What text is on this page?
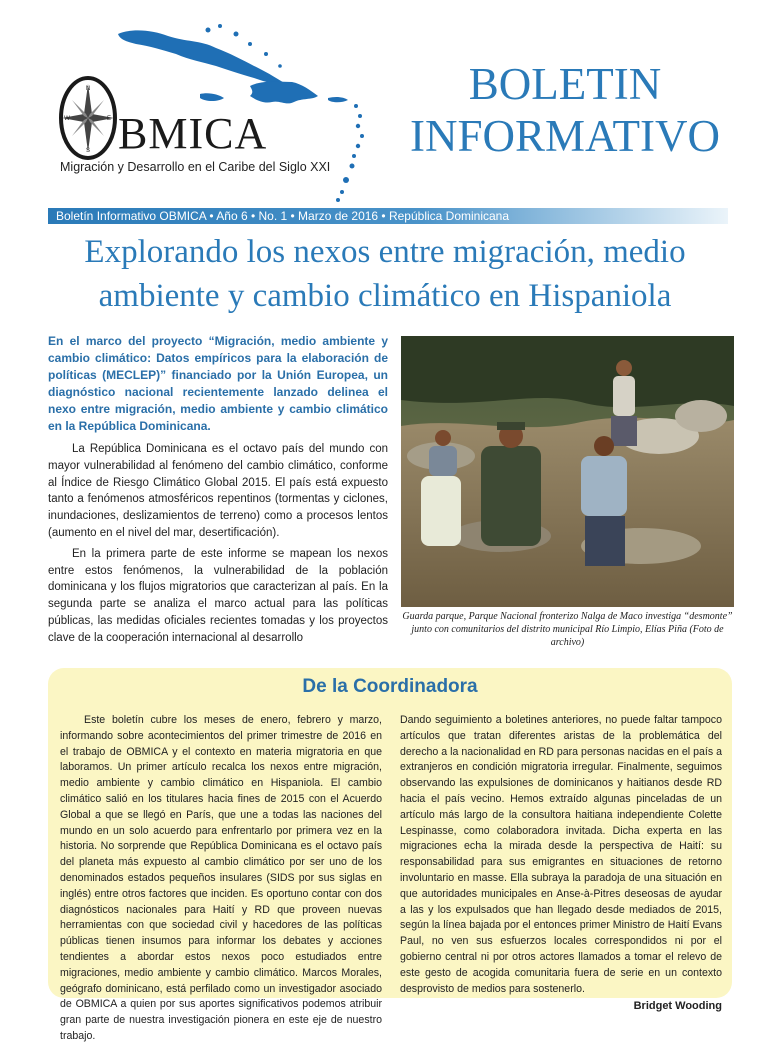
N
E
S
W BMICA
Migración y Desarrollo en el Caribe del Siglo XXI
BOLETIN
INFORMATIVO
Boletín Informativo OBMICA • Año 6 • No. 1 • Marzo de 2016 • República Dominicana
Explorando los nexos entre migración, medio ambiente y cambio climático en Hispaniola

En el marco del proyecto “Migración, medio ambiente y cambio climático: Datos empíricos para la elaboración de políticas (MECLEP)” financiado por la Unión Europea, un diagnóstico nacional recientemente lanzado delinea el nexo entre migración, medio ambiente y cambio climático en la República Dominicana.

La República Dominicana es el octavo país del mundo con mayor vulnerabilidad al fenómeno del cambio climático, conforme al Índice de Riesgo Climático Global 2015. El país está expuesto tanto a fenómenos atmosféricos repentinos (tormentas y ciclones, inundaciones, deslizamientos de terreno) como a procesos lentos (aumento en el nivel del mar, desertificación).

En la primera parte de este informe se mapean los nexos entre estos fenómenos, la vulnerabilidad de la población dominicana y los flujos migratorios que caracterizan al país. En la segunda parte se analiza el marco actual para las políticas públicas, las medidas oficiales recientes tomadas y los proyectos clave de la cooperación internacional al desarrollo

Guarda parque, Parque Nacional fronterizo Nalga de Maco investiga “desmonte” junto con comunitarios del distrito municipal Río Limpio, Elías Piña (Foto de archivo)
De la Coordinadora

Este boletín cubre los meses de enero, febrero y marzo, informando sobre acontecimientos del primer trimestre de 2016 en el trabajo de OBMICA y el contexto en materia migratoria en que laboramos. Un primer artículo recalca los nexos entre migración, medio ambiente y cambio climático en Hispaniola. El cambio climático salió en los titulares hacia fines de 2015 con el Acuerdo Global a que se llegó en París, que une a todas las naciones del mundo en un solo acuerdo para enfrentarlo por primera vez en la historia. No sorprende que República Dominicana es el octavo país del planeta más expuesto al cambio climático por ser uno de los denominados estados pequeños insulares (SIDS por sus siglas en inglés) entre otros factores que inciden. Es oportuno contar con dos diagnósticos nacionales para Haití y RD que proveen nuevas herramientas con que sociedad civil y hacedores de las políticas públicas tienen insumos para informar los debates y acciones tendientes a abordar estos nexos poco estudiados entre migraciones, medio ambiente y cambio climático. Marcos Morales, geógrafo dominicano, está perfilado como un investigador asociado de OBMICA a quien por sus aportes significativos podemos atribuir gran parte de nuestra investigación pionera en este eje de nuestro trabajo.

Dando seguimiento a boletines anteriores, no puede faltar tampoco artículos que tratan diferentes aristas de la problemática del derecho a la nacionalidad en RD para personas nacidas en el país a extranjeros en condición migratoria irregular. Finalmente, seguimos observando las expulsiones de dominicanos y haitianos desde RD hacia el país vecino. Hemos extraído algunas pinceladas de un artículo más largo de la consultora haitiana independiente Colette Lespinasse, como colaboradora invitada. Dicha experta en las migraciones echa la mirada desde la perspectiva de Haití: su responsabilidad para sus emigrantes en situaciones de retorno involuntario en masse. Ella subraya la paradoja de una situación en que autoridades municipales en Anse-à-Pitres deseosas de ayudar a las y los expulsados que han llegado desde mediados de 2015, según la línea bajada por el entonces primer Ministro de Haití Evans Paul, no ven sus esfuerzos locales correspondidos ni por el gobierno central ni por otros actores llamados a tomar el relevo de este gesto de acogida comunitaria fuera de serie en un contexto desprovisto de medios para sostenerlo.

Bridget Wooding
